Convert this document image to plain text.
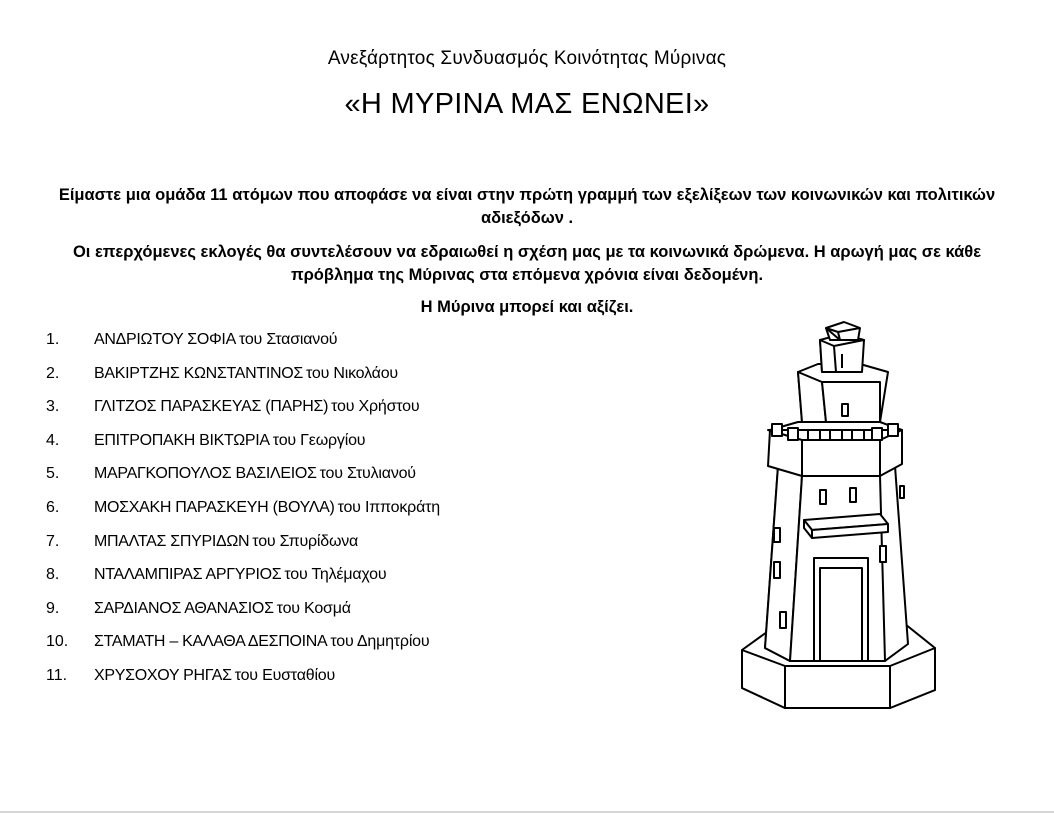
Ανεξάρτητος Συνδυασμός Κοινότητας Μύρινας
«Η ΜΥΡΙΝΑ ΜΑΣ ΕΝΩΝΕΙ»

Είμαστε μια ομάδα 11 ατόμων που αποφάσε να είναι στην πρώτη γραμμή των εξελίξεων των κοινωνικών και πολιτικών αδιεξόδων .

Οι επερχόμενες εκλογές θα συντελέσουν να εδραιωθεί η σχέση μας με τα κοινωνικά δρώμενα. Η αρωγή μας σε κάθε πρόβλημα της Μύρινας στα επόμενα χρόνια είναι δεδομένη.

Η Μύρινα μπορεί και αξίζει.
1.	ΑΝΔΡΙΩΤΟΥ ΣΟΦΙΑ του Στασιανού
2.	ΒΑΚΙΡΤΖΗΣ ΚΩΝΣΤΑΝΤΙΝΟΣ του Νικολάου
3.	ΓΛΙΤΖΟΣ ΠΑΡΑΣΚΕΥΑΣ (ΠΑΡΗΣ) του Χρήστου
4.	ΕΠΙΤΡΟΠΑΚΗ ΒΙΚΤΩΡΙΑ του Γεωργίου
5.	ΜΑΡΑΓΚΟΠΟΥΛΟΣ ΒΑΣΙΛΕΙΟΣ του Στυλιανού
6.	ΜΟΣΧΑΚΗ ΠΑΡΑΣΚΕΥΗ (ΒΟΥΛΑ) του Ιπποκράτη
7.	ΜΠΑΛΤΑΣ ΣΠΥΡΙΔΩΝ του Σπυρίδωνα
8.	ΝΤΑΛΑΜΠΙΡΑΣ ΑΡΓΥΡΙΟΣ του Τηλέμαχου
9.	ΣΑΡΔΙΑΝΟΣ ΑΘΑΝΑΣΙΟΣ του Κοσμά
10.	ΣΤΑΜΑΤΗ – ΚΑΛΑΘΑ ΔΕΣΠΟΙΝΑ του Δημητρίου
11.	ΧΡΥΣΟΧΟΥ ΡΗΓΑΣ του Ευσταθίου
